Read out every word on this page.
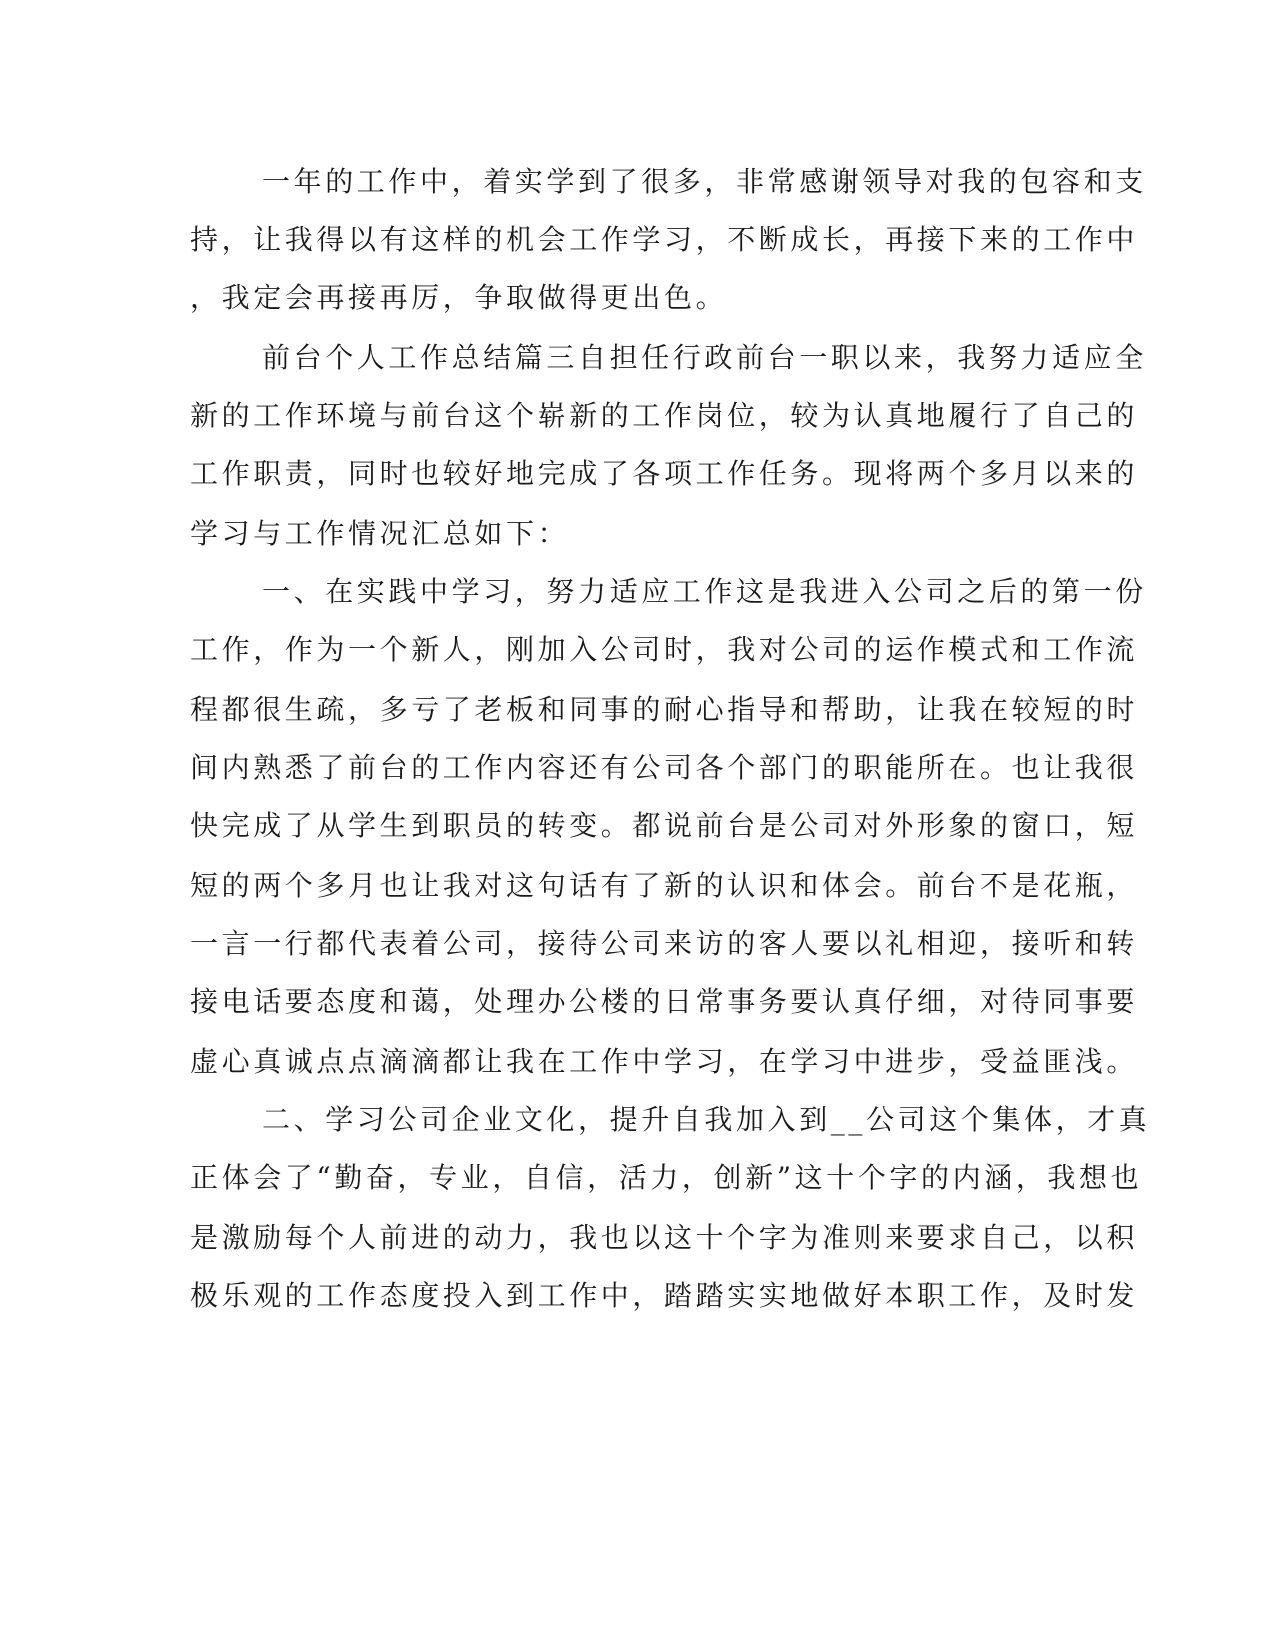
一年的工作中，着实学到了很多，非常感谢领导对我的包容和支
持，让我得以有这样的机会工作学习，不断成长，再接下来的工作中
，我定会再接再厉，争取做得更出色。
前台个人工作总结篇三自担任行政前台一职以来，我努力适应全
新的工作环境与前台这个崭新的工作岗位，较为认真地履行了自己的
工作职责，同时也较好地完成了各项工作任务。现将两个多月以来的
学习与工作情况汇总如下：
一、在实践中学习，努力适应工作这是我进入公司之后的第一份
工作，作为一个新人，刚加入公司时，我对公司的运作模式和工作流
程都很生疏，多亏了老板和同事的耐心指导和帮助，让我在较短的时
间内熟悉了前台的工作内容还有公司各个部门的职能所在。也让我很
快完成了从学生到职员的转变。都说前台是公司对外形象的窗口，短
短的两个多月也让我对这句话有了新的认识和体会。前台不是花瓶，
一言一行都代表着公司，接待公司来访的客人要以礼相迎，接听和转
接电话要态度和蔼，处理办公楼的日常事务要认真仔细，对待同事要
虚心真诚点点滴滴都让我在工作中学习，在学习中进步，受益匪浅。
二、学习公司企业文化，提升自我加入到__公司这个集体，才真
正体会了“勤奋，专业，自信，活力，创新”这十个字的内涵，我想也
是激励每个人前进的动力，我也以这十个字为准则来要求自己，以积
极乐观的工作态度投入到工作中，踏踏实实地做好本职工作，及时发
